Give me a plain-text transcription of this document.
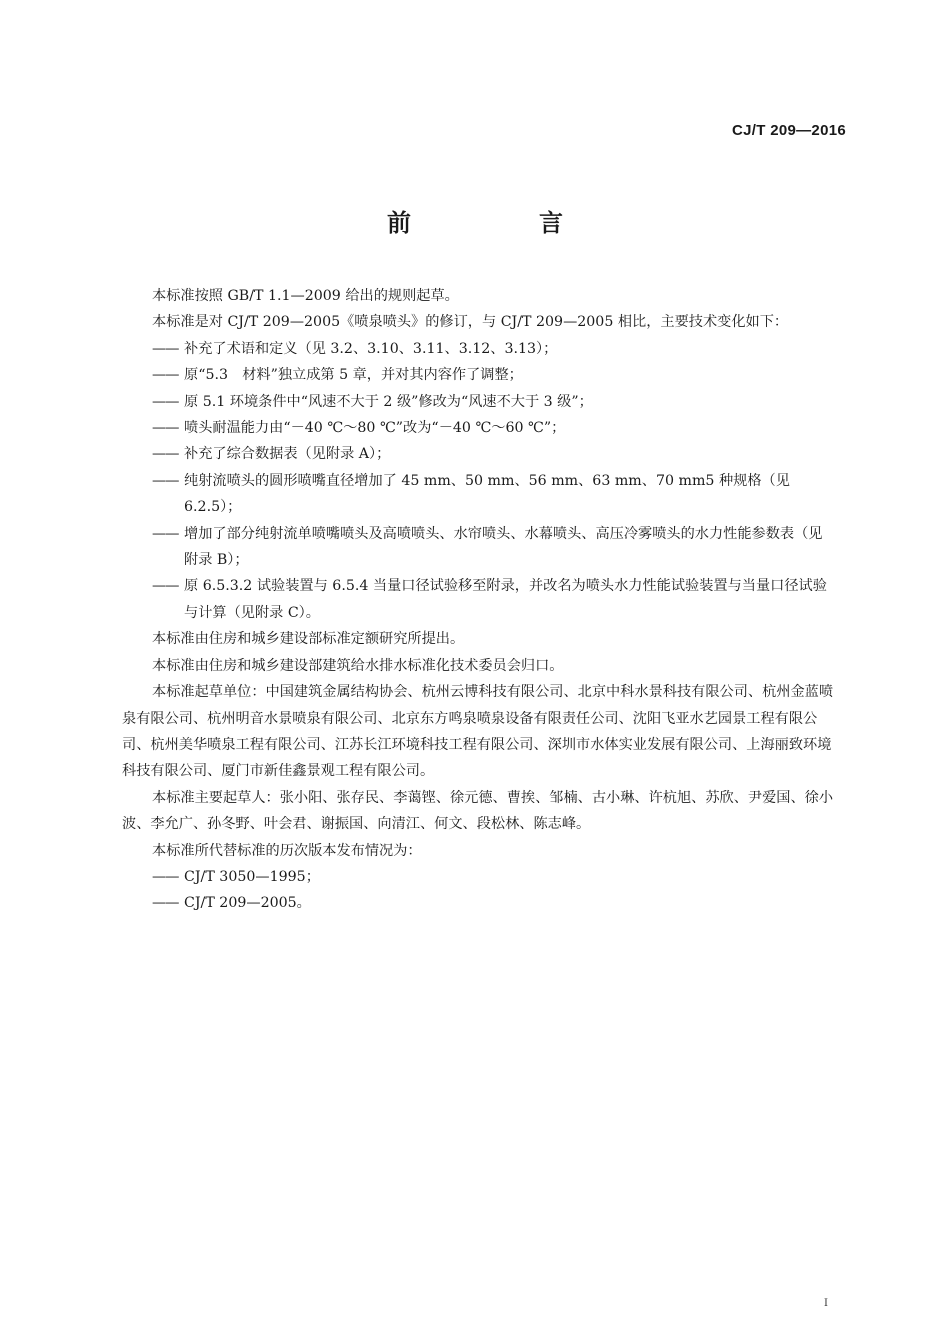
CJ/T 209—2016
前　言

本标准按照 GB/T 1.1—2009 给出的规则起草。

本标准是对 CJ/T 209—2005《喷泉喷头》的修订，与 CJ/T 209—2005 相比，主要技术变化如下：

—— 补充了术语和定义（见 3.2、3.10、3.11、3.12、3.13）；

—— 原“5.3　材料”独立成第 5 章，并对其内容作了调整；

—— 原 5.1 环境条件中“风速不大于 2 级”修改为“风速不大于 3 级”；

—— 喷头耐温能力由“－40 ℃～80 ℃”改为“－40 ℃～60 ℃”；

—— 补充了综合数据表（见附录 A）；

—— 纯射流喷头的圆形喷嘴直径增加了 45 mm、50 mm、56 mm、63 mm、70 mm5 种规格（见 6.2.5）；

—— 增加了部分纯射流单喷嘴喷头及高喷喷头、水帘喷头、水幕喷头、高压冷雾喷头的水力性能参数表（见附录 B）；

—— 原 6.5.3.2 试验装置与 6.5.4 当量口径试验移至附录，并改名为喷头水力性能试验装置与当量口径试验与计算（见附录 C）。

本标准由住房和城乡建设部标准定额研究所提出。

本标准由住房和城乡建设部建筑给水排水标准化技术委员会归口。

本标准起草单位：中国建筑金属结构协会、杭州云博科技有限公司、北京中科水景科技有限公司、杭州金蓝喷泉有限公司、杭州明音水景喷泉有限公司、北京东方鸣泉喷泉设备有限责任公司、沈阳飞亚水艺园景工程有限公司、杭州美华喷泉工程有限公司、江苏长江环境科技工程有限公司、深圳市水体实业发展有限公司、上海丽致环境科技有限公司、厦门市新佳鑫景观工程有限公司。

本标准主要起草人：张小阳、张存民、李蔼铿、徐元德、曹挨、邹楠、古小琳、许杭旭、苏欣、尹爱国、徐小波、李允广、孙冬野、叶会君、谢振国、向清江、何文、段松林、陈志峰。

本标准所代替标准的历次版本发布情况为：

—— CJ/T 3050—1995；

—— CJ/T 209—2005。

I
